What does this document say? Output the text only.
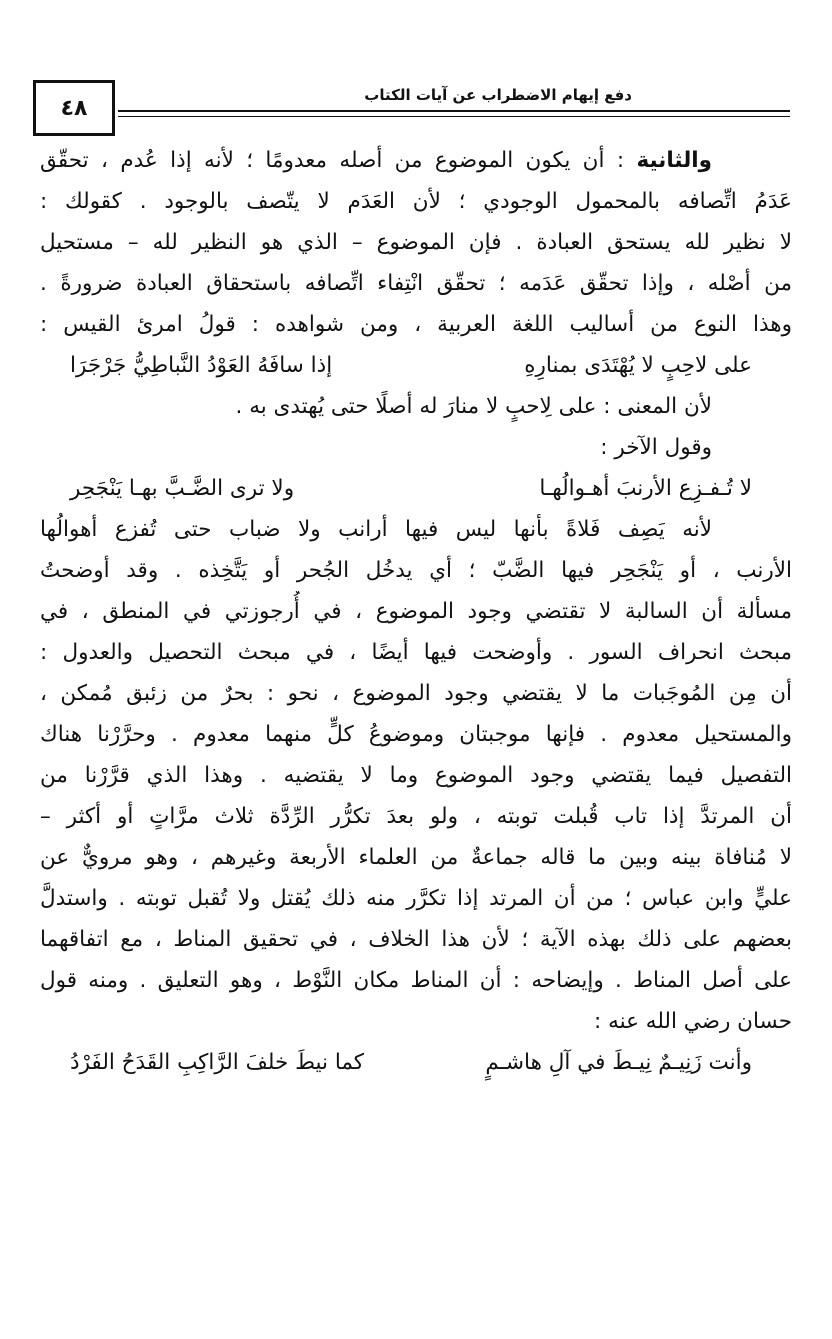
دفع إيهام الاضطراب عن آيات الكتاب
٤٨
والثانية : أن يكون الموضوع من أصله معدومًا ؛ لأنه إذا عُدم ، تحقّق
عَدَمُ اتِّصافه بالمحمول الوجودي ؛ لأن العَدَم لا يتّصف بالوجود . كقولك :
لا نظير لله يستحق العبادة . فإن الموضوع – الذي هو النظير لله – مستحيل
من أصْله ، وإذا تحقّق عَدَمه ؛ تحقّق انْتِفاء اتِّصافه باستحقاق العبادة ضرورةً .
وهذا النوع من أساليب اللغة العربية ، ومن شواهده : قولُ امرئ القيس :
على لاحِبٍ لا يُهْتَدَى بمنارِهِ
إذا سافَهُ العَوْدُ النَّباطِيُّ جَرْجَرَا
لأن المعنى : على لِاحبٍ لا منارَ له أصلًا حتى يُهتدى به .
وقول الآخر :
لا تُـفـزِع الأرنبَ أهـوالُهـا
ولا ترى الضَّـبَّ بهـا يَنْجَحِر
لأنه يَصِف فَلاةً بأنها ليس فيها أرانب ولا ضباب حتى تُفزع أهوالُها
الأرنب ، أو يَنْجَحِر فيها الضَّبّ ؛ أي يدخُل الجُحر أو يَتَّخِذه . وقد أوضحتُ
مسألة أن السالبة لا تقتضي وجود الموضوع ، في أُرجوزتي في المنطق ، في
مبحث انحراف السور . وأوضحت فيها أيضًا ، في مبحث التحصيل والعدول :
أن مِن المُوجَبات ما لا يقتضي وجود الموضوع ، نحو : بحرٌ من زئبق مُمكن ،
والمستحيل معدوم . فإنها موجبتان وموضوعُ كلٍّ منهما معدوم . وحرَّرْنا هناك
التفصيل فيما يقتضي وجود الموضوع وما لا يقتضيه . وهذا الذي قرَّرْنا من
أن المرتدَّ إذا تاب قُبلت توبته ، ولو بعدَ تكرُّر الرِّدَّة ثلاث مرَّاتٍ أو أكثر –
لا مُنافاة بينه وبين ما قاله جماعةٌ من العلماء الأربعة وغيرهم ، وهو مرويٌّ عن
عليٍّ وابن عباس ؛ من أن المرتد إذا تكرَّر منه ذلك يُقتل ولا تُقبل توبته . واستدلَّ
بعضهم على ذلك بهذه الآية ؛ لأن هذا الخلاف ، في تحقيق المناط ، مع اتفاقهما
على أصل المناط . وإيضاحه : أن المناط مكان النَّوْط ، وهو التعليق . ومنه قول
حسان رضي الله عنه :
وأنت زَنِيـمٌ نِيـطَ في آلِ هاشـمٍ
كما نيطَ خلفَ الرَّاكِبِ القَدَحُ الفَرْدُ
